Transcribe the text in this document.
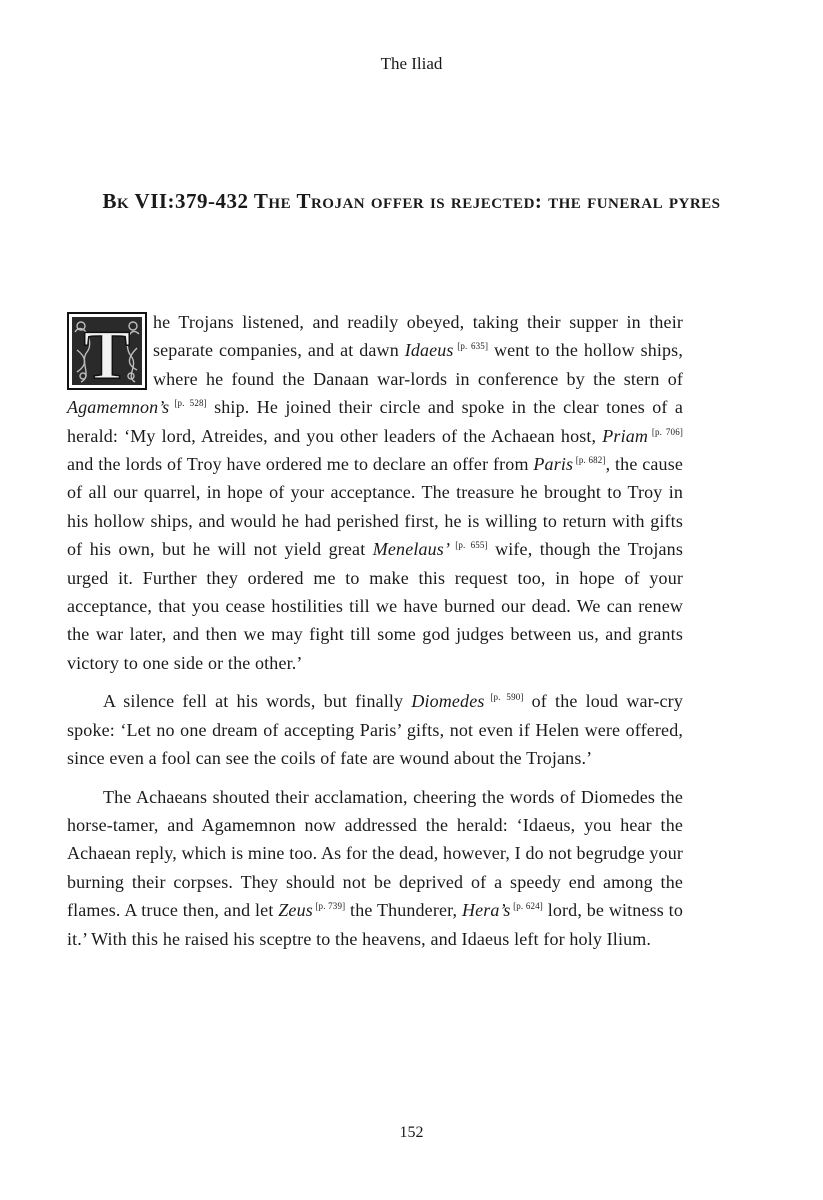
The Iliad
Bk VII:379-432 The Trojan offer is rejected: the funeral pyres
T	he Trojans listened, and readily obeyed, taking their supper in their separate companies, and at dawn Idaeus [p. 635] went to the hollow ships, where he found the Danaan war-lords in conference by the stern of Agamemnon’s [p. 528] ship. He joined their circle and spoke in the clear tones of a herald: ‘My lord, Atreides, and you other leaders of the Achaean host, Priam [p. 706] and the lords of Troy have ordered me to declare an offer from Paris [p. 682], the cause of all our quarrel, in hope of your acceptance. The treasure he brought to Troy in his hollow ships, and would he had perished first, he is willing to return with gifts of his own, but he will not yield great Menelaus’ [p. 655] wife, though the Trojans urged it. Further they ordered me to make this request too, in hope of your acceptance, that you cease hostilities till we have burned our dead. We can renew the war later, and then we may fight till some god judges between us, and grants victory to one side or the other.’

A silence fell at his words, but finally Diomedes [p. 590] of the loud war-cry spoke: ‘Let no one dream of accepting Paris’ gifts, not even if Helen were offered, since even a fool can see the coils of fate are wound about the Trojans.’

The Achaeans shouted their acclamation, cheering the words of Diomedes the horse-tamer, and Agamemnon now addressed the herald: ‘Idaeus, you hear the Achaean reply, which is mine too. As for the dead, however, I do not begrudge your burning their corpses. They should not be deprived of a speedy end among the flames. A truce then, and let Zeus [p. 739] the Thunderer, Hera’s [p. 624] lord, be witness to it.’ With this he raised his sceptre to the heavens, and Idaeus left for holy Ilium.

152
